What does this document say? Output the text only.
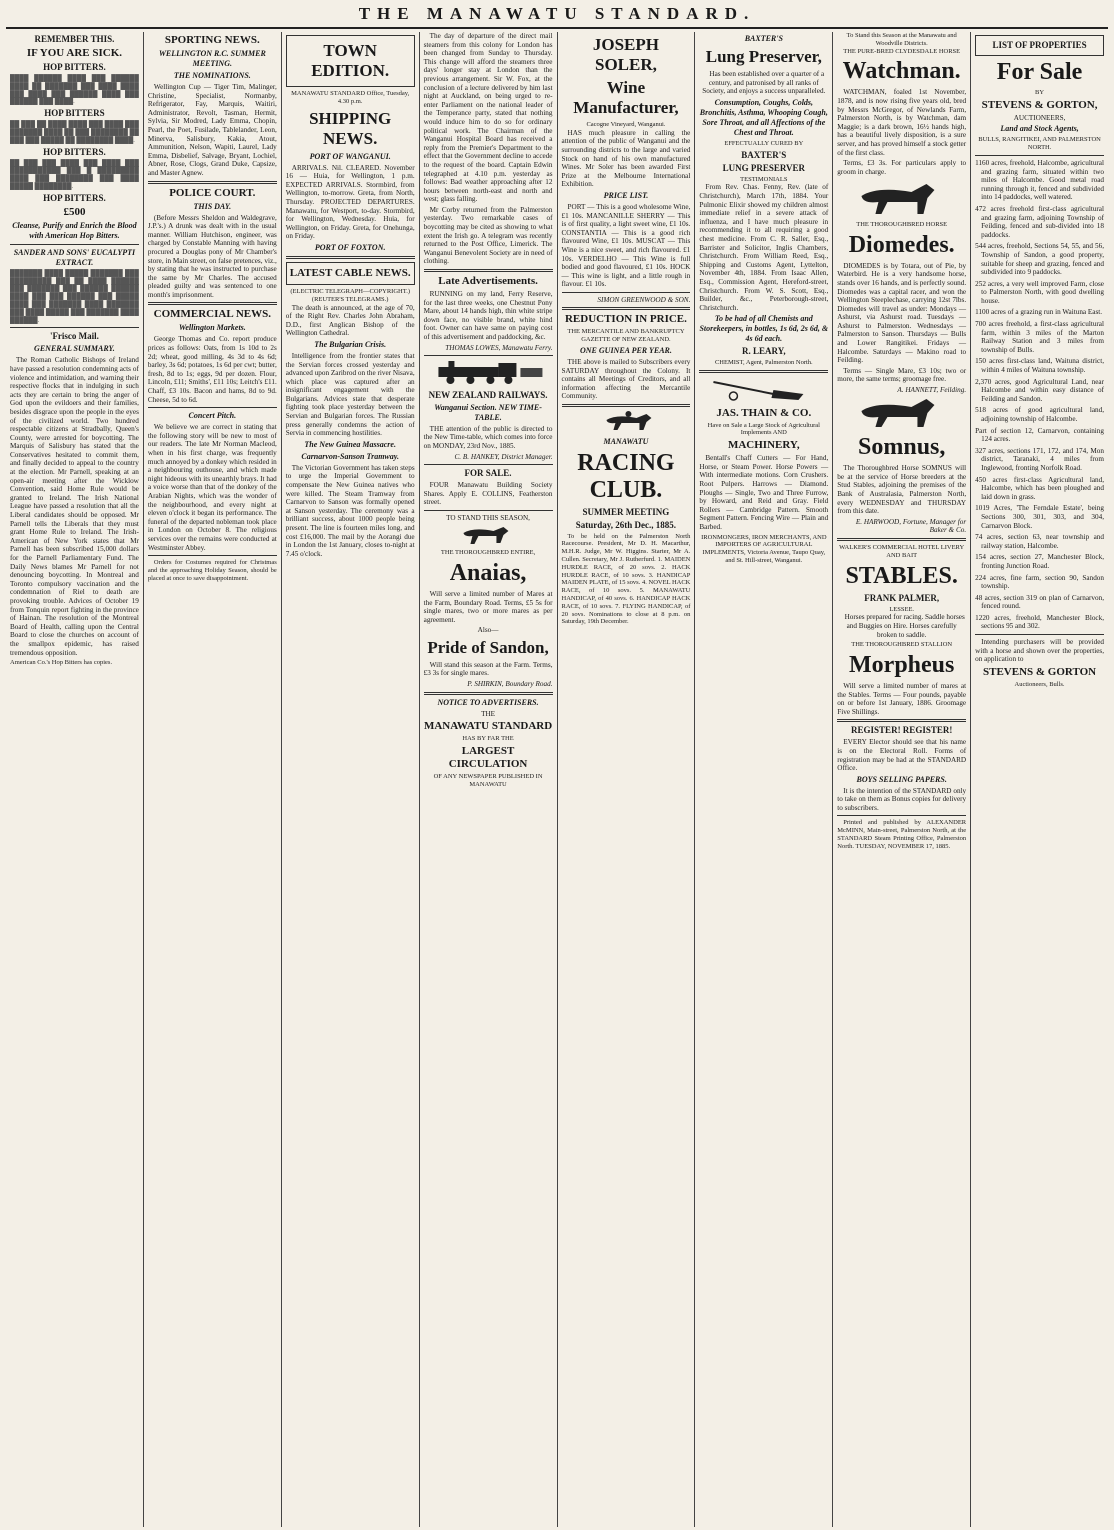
THE MANAWATU STANDARD.
REMEMBER THIS.
IF YOU ARE SICK.
HOP BITTERS.
████ ██████ ████ ███ ██████ ████ ██ ███████ ███ ████ ████ ███ ████ ███ ██████ ████ ███ ██████ ███ ████.
HOP BITTERS
██ ███ ██ ████ ████ ███ ████ ███ ███████ ████ ██ ███ ████████ ██ ███ ███ █████ ██ ████████ ████.
HOP BITTERS.
██ ███ ███ ████ ███ ████ ███ ███████████ ███ █ █████████ ████ ███ ████████ ███ ████ █████ ████████.
HOP BITTERS.
£500
Cleanse, Purify and Enrich the Blood with American Hop Bitters.
SANDER AND SONS' EUCALYPTI EXTRACT.
███████ ████ █████ ███████ ███ █████████ ███ ██ ████ ██████ ███ ███████ ███ ██████ ██████ ████ ███ ███ ██████ ███ █████ ████ ███ ███████ ████ ███████ ███ ████ █████ ███ ███████ ████ ██████.
'Frisco Mail.
GENERAL SUMMARY.
The Roman Catholic Bishops of Ireland have passed a resolution condemning acts of violence and intimidation, and warning their respective flocks that in indulging in such acts they are certain to bring the anger of God upon the evildoers and their families, besides disgrace upon the people in the eyes of the civilized world. Two hundred respectable citizens at Stradbally, Queen's County, were arrested for boycotting. The Marquis of Salisbury has stated that the Conservatives hesitated to commit them, and finally decided to appeal to the country at the election. Mr Parnell, speaking at an open-air meeting after the Wicklow Convention, said Home Rule would be granted to Ireland. The Irish National League have passed a resolution that all the Liberal candidates should be opposed. Mr Parnell tells the Liberals that they must grant Home Rule to Ireland. The Irish-American of New York states that Mr Parnell has been subscribed 15,000 dollars for the Parnell Parliamentary Fund. The Daily News blames Mr Parnell for not denouncing boycotting. In Montreal and Toronto compulsory vaccination and the condemnation of Riel to death are provoking trouble. Advices of October 19 from Tonquin report fighting in the province of Hainan. The resolution of the Montreal Board of Health, calling upon the Central Board to close the churches on account of the smallpox epidemic, has raised tremendous opposition.
American Co.'s Hop Bitters has copies.
SPORTING NEWS.
WELLINGTON R.C. SUMMER MEETING.
THE NOMINATIONS.
Wellington Cup — Tiger Tim, Malinger, Christine, Specialist, Normanby, Refrigerator, Fay, Marquis, Waitiri, Administrator, Revolt, Tasman, Hermit, Sylvia, Sir Modred, Lady Emma, Chopin, Pearl, the Poet, Fusilade, Tablelander, Leon, Minerva, Salisbury, Kakia, Atout, Ammunition, Nelson, Wapiti, Laurel, Lady Emma, Disbelief, Salvage, Bryant, Lochiel, Abner, Rose, Clogs, Grand Duke, Capsize, and Master Agnew.
POLICE COURT.
THIS DAY.
(Before Messrs Sheldon and Waldegrave, J.P.'s.) A drunk was dealt with in the usual manner. William Hutchison, engineer, was charged by Constable Manning with having procured a Douglas pony of Mr Chamber's store, in Main street, on false pretences, viz., by stating that he was instructed to purchase the same by Mr Charles. The accused pleaded guilty and was sentenced to one month's imprisonment.
COMMERCIAL NEWS.
Wellington Markets.
George Thomas and Co. report produce prices as follows: Oats, from 1s 10d to 2s 2d; wheat, good milling, 4s 3d to 4s 6d; barley, 3s 6d; potatoes, 1s 6d per cwt; butter, fresh, 8d to 1s; eggs, 9d per dozen. Flour, Lincoln, £11; Smiths', £11 10s; Leitch's £11. Chaff, £3 10s. Bacon and hams, 8d to 9d. Cheese, 5d to 6d.
Concert Pitch.
We believe we are correct in stating that the following story will be new to most of our readers. The late Mr Norman Macleod, when in his first charge, was frequently much annoyed by a donkey which resided in a neighbouring outhouse, and which made night hideous with its unearthly brays. It had a voice worse than that of the donkey of the Arabian Nights, which was the wonder of the neighbourhood, and every night at eleven o'clock it began its performance. The funeral of the departed nobleman took place in London on October 8. The religious services over the remains were conducted at Westminster Abbey.
Orders for Costumes required for Christmas and the approaching Holiday Season, should be placed at once to save disappointment.
TOWN EDITION.
MANAWATU STANDARD Office, Tuesday, 4.30 p.m.
SHIPPING NEWS.
PORT OF WANGANUI.
ARRIVALS. Nil. CLEARED. November 16 — Huia, for Wellington, 1 p.m. EXPECTED ARRIVALS. Stormbird, from Wellington, to-morrow. Greta, from North, Thursday. PROJECTED DEPARTURES. Manawatu, for Westport, to-day. Stormbird, for Wellington, Wednesday. Huia, for Wellington, on Friday. Greta, for Onehunga, on Friday.
PORT OF FOXTON.
LATEST CABLE NEWS.
(ELECTRIC TELEGRAPH—COPYRIGHT.) (REUTER'S TELEGRAMS.)
The death is announced, at the age of 70, of the Right Rev. Charles John Abraham, D.D., first Anglican Bishop of the Wellington Cathedral.
The Bulgarian Crisis.
Intelligence from the frontier states that the Servian forces crossed yesterday and advanced upon Zaribrod on the river Nisava, which place was captured after an insignificant engagement with the Bulgarians. Advices state that desperate fighting took place yesterday between the Servian and Bulgarian forces. The Russian press generally condemns the action of Servia in commencing hostilities.
The New Guinea Massacre.
Carnarvon-Sanson Tramway.
The Victorian Government has taken steps to urge the Imperial Government to compensate the New Guinea natives who were killed. The Steam Tramway from Carnarvon to Sanson was formally opened at Sanson yesterday. The ceremony was a brilliant success, about 1000 people being present. The line is fourteen miles long, and cost £16,000. The mail by the Aorangi due in London the 1st January, closes to-night at 7.45 o'clock.
The day of departure of the direct mail steamers from this colony for London has been changed from Sunday to Thursday. This change will afford the steamers three days' longer stay at London than the previous arrangement. Sir W. Fox, at the conclusion of a lecture delivered by him last night at Auckland, on being urged to re-enter Parliament on the national leader of the Temperance party, stated that nothing would induce him to do so for ordinary political work. The Chairman of the Wanganui Hospital Board has received a reply from the Premier's Department to the effect that the Government decline to accede to the request of the board. Captain Edwin telegraphed at 4.10 p.m. yesterday as follows: Bad weather approaching after 12 hours between north-east and north and west; glass falling.
Mr Corby returned from the Palmerston yesterday. Two remarkable cases of boycotting may be cited as showing to what extent the Irish go. A telegram was recently returned to the Post Office, Limerick. The Wanganui Benevolent Society are in need of clothing.
Late Advertisements.
RUNNING on my land, Ferry Reserve, for the last three weeks, one Chestnut Pony Mare, about 14 hands high, thin white stripe down face, no visible brand, white hind foot. Owner can have same on paying cost of this advertisement and paddocking, &c.
THOMAS LOWES, Manawatu Ferry.
NEW ZEALAND RAILWAYS.
Wanganui Section. NEW TIME-TABLE.
THE attention of the public is directed to the New Time-table, which comes into force on MONDAY, 23rd Nov., 1885.
C. B. HANKEY, District Manager.
FOR SALE.
FOUR Manawatu Building Society Shares. Apply E. COLLINS, Featherston street.
TO STAND THIS SEASON,
THE THOROUGHBRED ENTIRE,
Anaias,
Will serve a limited number of Mares at the Farm, Boundary Road. Terms, £5 5s for single mares, two or more mares as per agreement.
Also—
Pride of Sandon,
Will stand this season at the Farm. Terms, £3 3s for single mares.
P. SHIRKIN, Boundary Road.
NOTICE TO ADVERTISERS.
THE
MANAWATU STANDARD
HAS BY FAR THE
LARGEST CIRCULATION
OF ANY NEWSPAPER PUBLISHED IN MANAWATU
JOSEPH SOLER,
Wine Manufacturer,
Cacogne Vineyard, Wanganui.
HAS much pleasure in calling the attention of the public of Wanganui and the surrounding districts to the large and varied Stock on hand of his own manufactured Wines. Mr Soler has been awarded First Prize at the Melbourne International Exhibition.
PRICE LIST.
PORT — This is a good wholesome Wine, £1 10s. MANCANILLE SHERRY — This is of first quality, a light sweet wine, £1 10s. CONSTANTIA — This is a good rich flavoured Wine, £1 10s. MUSCAT — This Wine is a nice sweet, and rich flavoured. £1 10s. VERDELHO — This Wine is full bodied and good flavoured, £1 10s. HOCK — This wine is light, and a little rough in flavour. £1 10s.
SIMON GREENWOOD & SON.
REDUCTION IN PRICE.
THE MERCANTILE AND BANKRUPTCY GAZETTE OF NEW ZEALAND.
ONE GUINEA PER YEAR.
THE above is mailed to Subscribers every SATURDAY throughout the Colony. It contains all Meetings of Creditors, and all information affecting the Mercantile Community.
MANAWATU
RACING CLUB.
SUMMER MEETING
Saturday, 26th Dec., 1885.
To be held on the Palmerston North Racecourse. President, Mr D. H. Macarthur, M.H.R. Judge, Mr W. Higgins. Starter, Mr A. Cullen. Secretary, Mr J. Rutherfurd. 1. MAIDEN HURDLE RACE, of 20 sovs. 2. HACK HURDLE RACE, of 10 sovs. 3. HANDICAP MAIDEN PLATE, of 15 sovs. 4. NOVEL HACK RACE, of 10 sovs. 5. MANAWATU HANDICAP, of 40 sovs. 6. HANDICAP HACK RACE, of 10 sovs. 7. FLYING HANDICAP, of 20 sovs. Nominations to close at 8 p.m. on Saturday, 19th December.
BAXTER'S
Lung Preserver,
Has been established over a quarter of a century, and patronised by all ranks of Society, and enjoys a success unparalleled.
Consumption, Coughs, Colds, Bronchitis, Asthma, Whooping Cough, Sore Throat, and all Affections of the Chest and Throat.
EFFECTUALLY CURED BY
BAXTER'S
LUNG PRESERVER
TESTIMONIALS
From Rev. Chas. Fenny, Rev. (late of Christchurch), March 17th, 1884. Your Pulmonic Elixir showed my children almost immediate relief in a severe attack of influenza, and I have much pleasure in recommending it to all requiring a good chest medicine. From C. R. Saller, Esq., Barrister and Solicitor, Inglis Chambers, Christchurch. From William Reed, Esq., Shipping and Customs Agent, Lyttelton, November 4th, 1884. From Isaac Allen, Esq., Commission Agent, Hereford-street, Christchurch. From W. S. Scott, Esq., Builder, &c., Peterborough-street, Christchurch.
To be had of all Chemists and Storekeepers, in bottles, 1s 6d, 2s 6d, & 4s 6d each.
R. LEARY,
CHEMIST, Agent, Palmerston North.
JAS. THAIN & CO.
Have on Sale a Large Stock of Agricultural Implements AND
MACHINERY,
Bentall's Chaff Cutters — For Hand, Horse, or Steam Power. Horse Powers — With intermediate motions. Corn Crushers. Root Pulpers. Harrows — Diamond. Ploughs — Single, Two and Three Furrow, by Howard, and Reid and Gray. Field Rollers — Cambridge Pattern. Smooth Segment Pattern. Fencing Wire — Plain and Barbed.
IRONMONGERS, IRON MERCHANTS, AND IMPORTERS OF AGRICULTURAL IMPLEMENTS, Victoria Avenue, Taupo Quay, and St. Hill-street, Wanganui.
To Stand this Season at the Manawatu and Woodville Districts.
THE PURE-BRED CLYDESDALE HORSE
Watchman.
WATCHMAN, foaled 1st November, 1878, and is now rising five years old, bred by Messrs McGregor, of Newlands Farm, Palmerston North, is by Watchman, dam Maggie; is a dark brown, 16½ hands high, has a beautiful lively disposition, is a sure server, and has proved himself a stock getter of the first class.
Terms, £3 3s. For particulars apply to groom in charge.
THE THOROUGHBRED HORSE
Diomedes.
DIOMEDES is by Totara, out of Pie, by Waterbird. He is a very handsome horse, stands over 16 hands, and is perfectly sound. Diomedes was a capital racer, and won the Wellington Steeplechase, carrying 12st 7lbs. Diomedes will travel as under: Mondays — Ashurst, via Ashurst road. Tuesdays — Ashurst to Palmerston. Wednesdays — Palmerston to Sanson. Thursdays — Bulls and Lower Rangitikei. Fridays — Halcombe. Saturdays — Makino road to Feilding.
Terms — Single Mare, £3 10s; two or more, the same terms; groomage free.
A. HANNETT, Feilding.
Somnus,
The Thoroughbred Horse SOMNUS will be at the service of Horse breeders at the Stud Stables, adjoining the premises of the Bank of Australasia, Palmerston North, every WEDNESDAY and THURSDAY from this date.
E. HARWOOD, Fortune, Manager for Baker & Co.
WALKER'S COMMERCIAL HOTEL LIVERY AND BAIT
STABLES.
FRANK PALMER,
LESSEE.
Horses prepared for racing. Saddle horses and Buggies on Hire. Horses carefully broken to saddle.
THE THOROUGHBRED STALLION
Morpheus
Will serve a limited number of mares at the Stables. Terms — Four pounds, payable on or before 1st January, 1886. Groomage Five Shillings.
REGISTER! REGISTER!
EVERY Elector should see that his name is on the Electoral Roll. Forms of registration may be had at the STANDARD Office.
BOYS SELLING PAPERS.
It is the intention of the STANDARD only to take on them as Bonus copies for delivery to subscribers.
Printed and published by ALEXANDER McMINN, Main-street, Palmerston North, at the STANDARD Steam Printing Office, Palmerston North. TUESDAY, NOVEMBER 17, 1885.
LIST OF PROPERTIES
For Sale
BY
STEVENS & GORTON,
AUCTIONEERS,
Land and Stock Agents,
BULLS, RANGITIKEI, AND PALMERSTON NORTH.
1160 acres, freehold, Halcombe, agricultural and grazing farm, situated within two miles of Halcombe. Good metal road running through it, fenced and subdivided into 14 paddocks, well watered.
472 acres freehold first-class agricultural and grazing farm, adjoining Township of Feilding, fenced and sub-divided into 18 paddocks.
544 acres, freehold, Sections 54, 55, and 56, Township of Sandon, a good property, suitable for sheep and grazing, fenced and subdivided into 9 paddocks.
252 acres, a very well improved Farm, close to Palmerston North, with good dwelling house.
1100 acres of a grazing run in Waituna East.
700 acres freehold, a first-class agricultural farm, within 3 miles of the Marton Railway Station and 3 miles from township of Bulls.
150 acres first-class land, Waituna district, within 4 miles of Waituna township.
2,370 acres, good Agricultural Land, near Halcombe and within easy distance of Feilding and Sandon.
518 acres of good agricultural land, adjoining township of Halcombe.
Part of section 12, Carnarvon, containing 124 acres.
327 acres, sections 171, 172, and 174, Mon district, Taranaki, 4 miles from Inglewood, fronting Norfolk Road.
450 acres first-class Agricultural land, Halcombe, which has been ploughed and laid down in grass.
1019 Acres, 'The Ferndale Estate', being Sections 300, 301, 303, and 304, Carnarvon Block.
74 acres, section 63, near township and railway station, Halcombe.
154 acres, section 27, Manchester Block, fronting Junction Road.
224 acres, fine farm, section 90, Sandon township.
48 acres, section 319 on plan of Carnarvon, fenced round.
1220 acres, freehold, Manchester Block, sections 95 and 302.
Intending purchasers will be provided with a horse and shown over the properties, on application to
STEVENS & GORTON
Auctioneers, Bulls.
